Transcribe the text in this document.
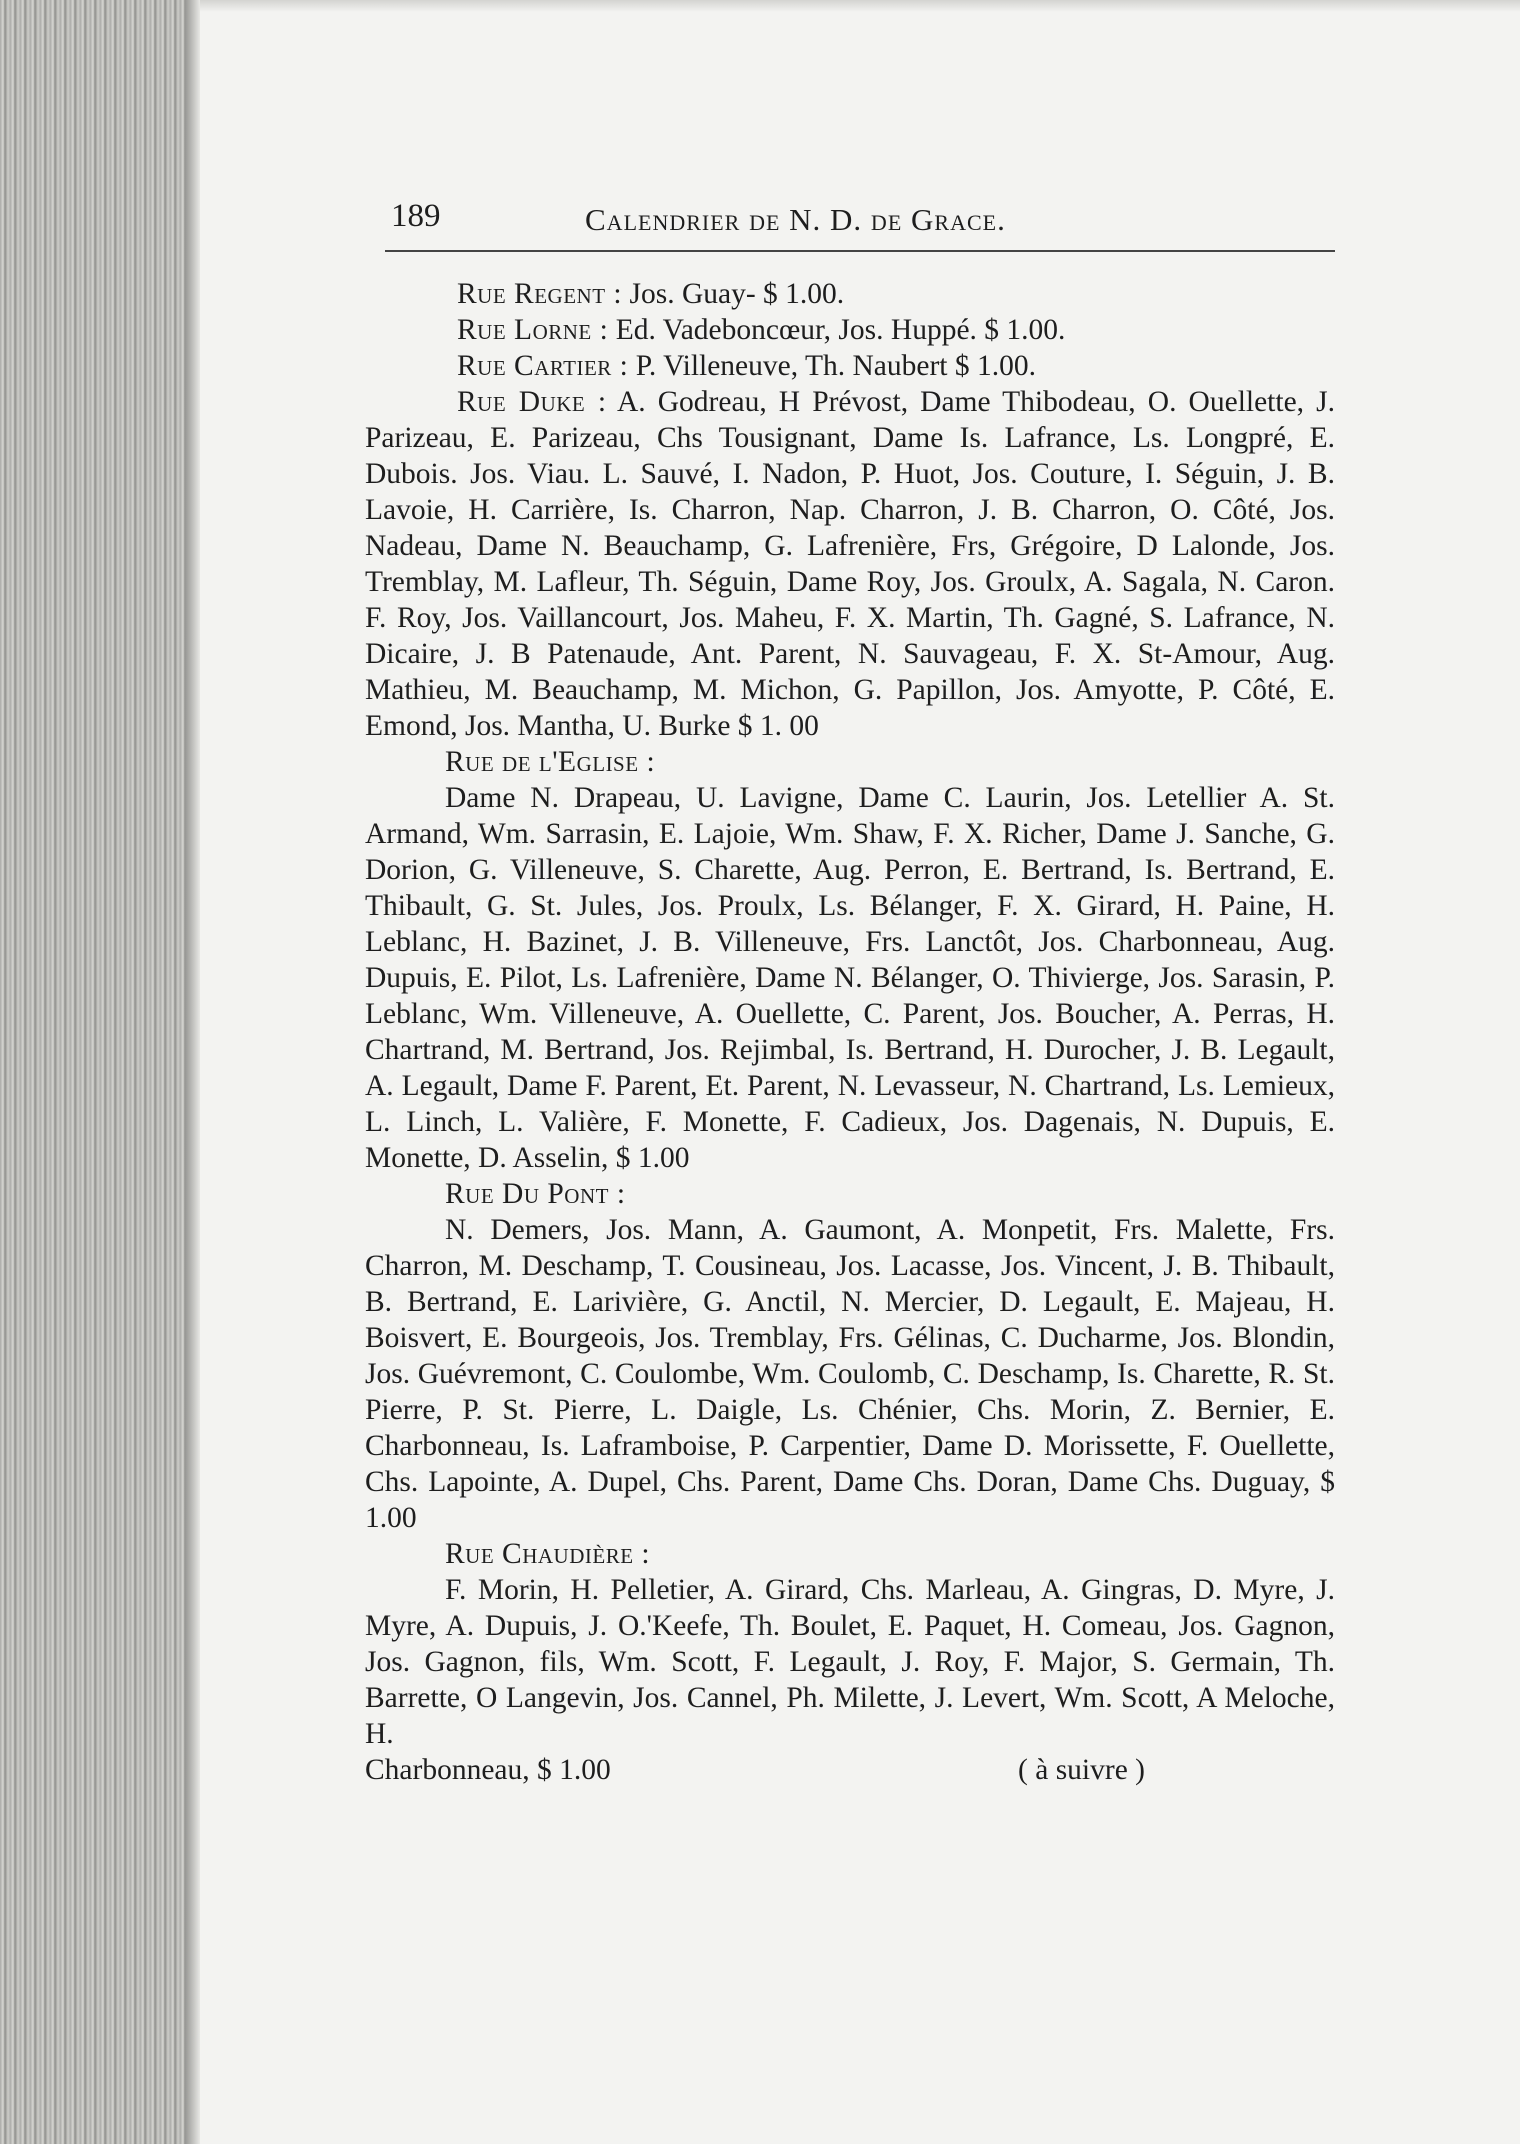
189	Calendrier de N. D. de Grace.

Rue Regent : Jos. Guay- $ 1.00.

Rue Lorne : Ed. Vadeboncœur, Jos. Huppé. $ 1.00.

Rue Cartier : P. Villeneuve, Th. Naubert $ 1.00.

Rue Duke : A. Godreau, H Prévost, Dame Thibodeau, O. Ouellette, J. Parizeau, E. Parizeau, Chs Tousignant, Dame Is. Lafrance, Ls. Longpré, E. Dubois. Jos. Viau. L. Sauvé, I. Nadon, P. Huot, Jos. Couture, I. Séguin, J. B. Lavoie, H. Carrière, Is. Charron, Nap. Charron, J. B. Charron, O. Côté, Jos. Nadeau, Dame N. Beauchamp, G. Lafrenière, Frs, Grégoire, D Lalonde, Jos. Tremblay, M. Lafleur, Th. Séguin, Dame Roy, Jos. Groulx, A. Sagala, N. Caron. F. Roy, Jos. Vaillancourt, Jos. Maheu, F. X. Martin, Th. Gagné, S. Lafrance, N. Dicaire, J. B Patenaude, Ant. Parent, N. Sauvageau, F. X. St-Amour, Aug. Mathieu, M. Beauchamp, M. Michon, G. Papillon, Jos. Amyotte, P. Côté, E. Emond, Jos. Mantha, U. Burke $ 1. 00

Rue de l'Eglise :

Dame N. Drapeau, U. Lavigne, Dame C. Laurin, Jos. Letellier A. St. Armand, Wm. Sarrasin, E. Lajoie, Wm. Shaw, F. X. Richer, Dame J. Sanche, G. Dorion, G. Villeneuve, S. Charette, Aug. Perron, E. Bertrand, Is. Bertrand, E. Thibault, G. St. Jules, Jos. Proulx, Ls. Bélanger, F. X. Girard, H. Paine, H. Leblanc, H. Bazinet, J. B. Villeneuve, Frs. Lanctôt, Jos. Charbonneau, Aug. Dupuis, E. Pilot, Ls. Lafrenière, Dame N. Bélanger, O. Thivierge, Jos. Sarasin, P. Leblanc, Wm. Villeneuve, A. Ouellette, C. Parent, Jos. Boucher, A. Perras, H. Chartrand, M. Bertrand, Jos. Rejimbal, Is. Bertrand, H. Durocher, J. B. Legault, A. Legault, Dame F. Parent, Et. Parent, N. Levasseur, N. Chartrand, Ls. Lemieux, L. Linch, L. Valière, F. Monette, F. Cadieux, Jos. Dagenais, N. Dupuis, E. Monette, D. Asselin, $ 1.00

Rue Du Pont :

N. Demers, Jos. Mann, A. Gaumont, A. Monpetit, Frs. Malette, Frs. Charron, M. Deschamp, T. Cousineau, Jos. Lacasse, Jos. Vincent, J. B. Thibault, B. Bertrand, E. Larivière, G. Anctil, N. Mercier, D. Legault, E. Majeau, H. Boisvert, E. Bourgeois, Jos. Tremblay, Frs. Gélinas, C. Ducharme, Jos. Blondin, Jos. Guévremont, C. Coulombe, Wm. Coulomb, C. Deschamp, Is. Charette, R. St. Pierre, P. St. Pierre, L. Daigle, Ls. Chénier, Chs. Morin, Z. Bernier, E. Charbonneau, Is. Laframboise, P. Carpentier, Dame D. Morissette, F. Ouellette, Chs. Lapointe, A. Dupel, Chs. Parent, Dame Chs. Doran, Dame Chs. Duguay, $ 1.00

Rue Chaudière :

F. Morin, H. Pelletier, A. Girard, Chs. Marleau, A. Gingras, D. Myre, J. Myre, A. Dupuis, J. O.'Keefe, Th. Boulet, E. Paquet, H. Comeau, Jos. Gagnon, Jos. Gagnon, fils, Wm. Scott, F. Legault, J. Roy, F. Major, S. Germain, Th. Barrette, O Langevin, Jos. Cannel, Ph. Milette, J. Levert, Wm. Scott, A Meloche, H.

Charbonneau, $ 1.00	( à suivre )
